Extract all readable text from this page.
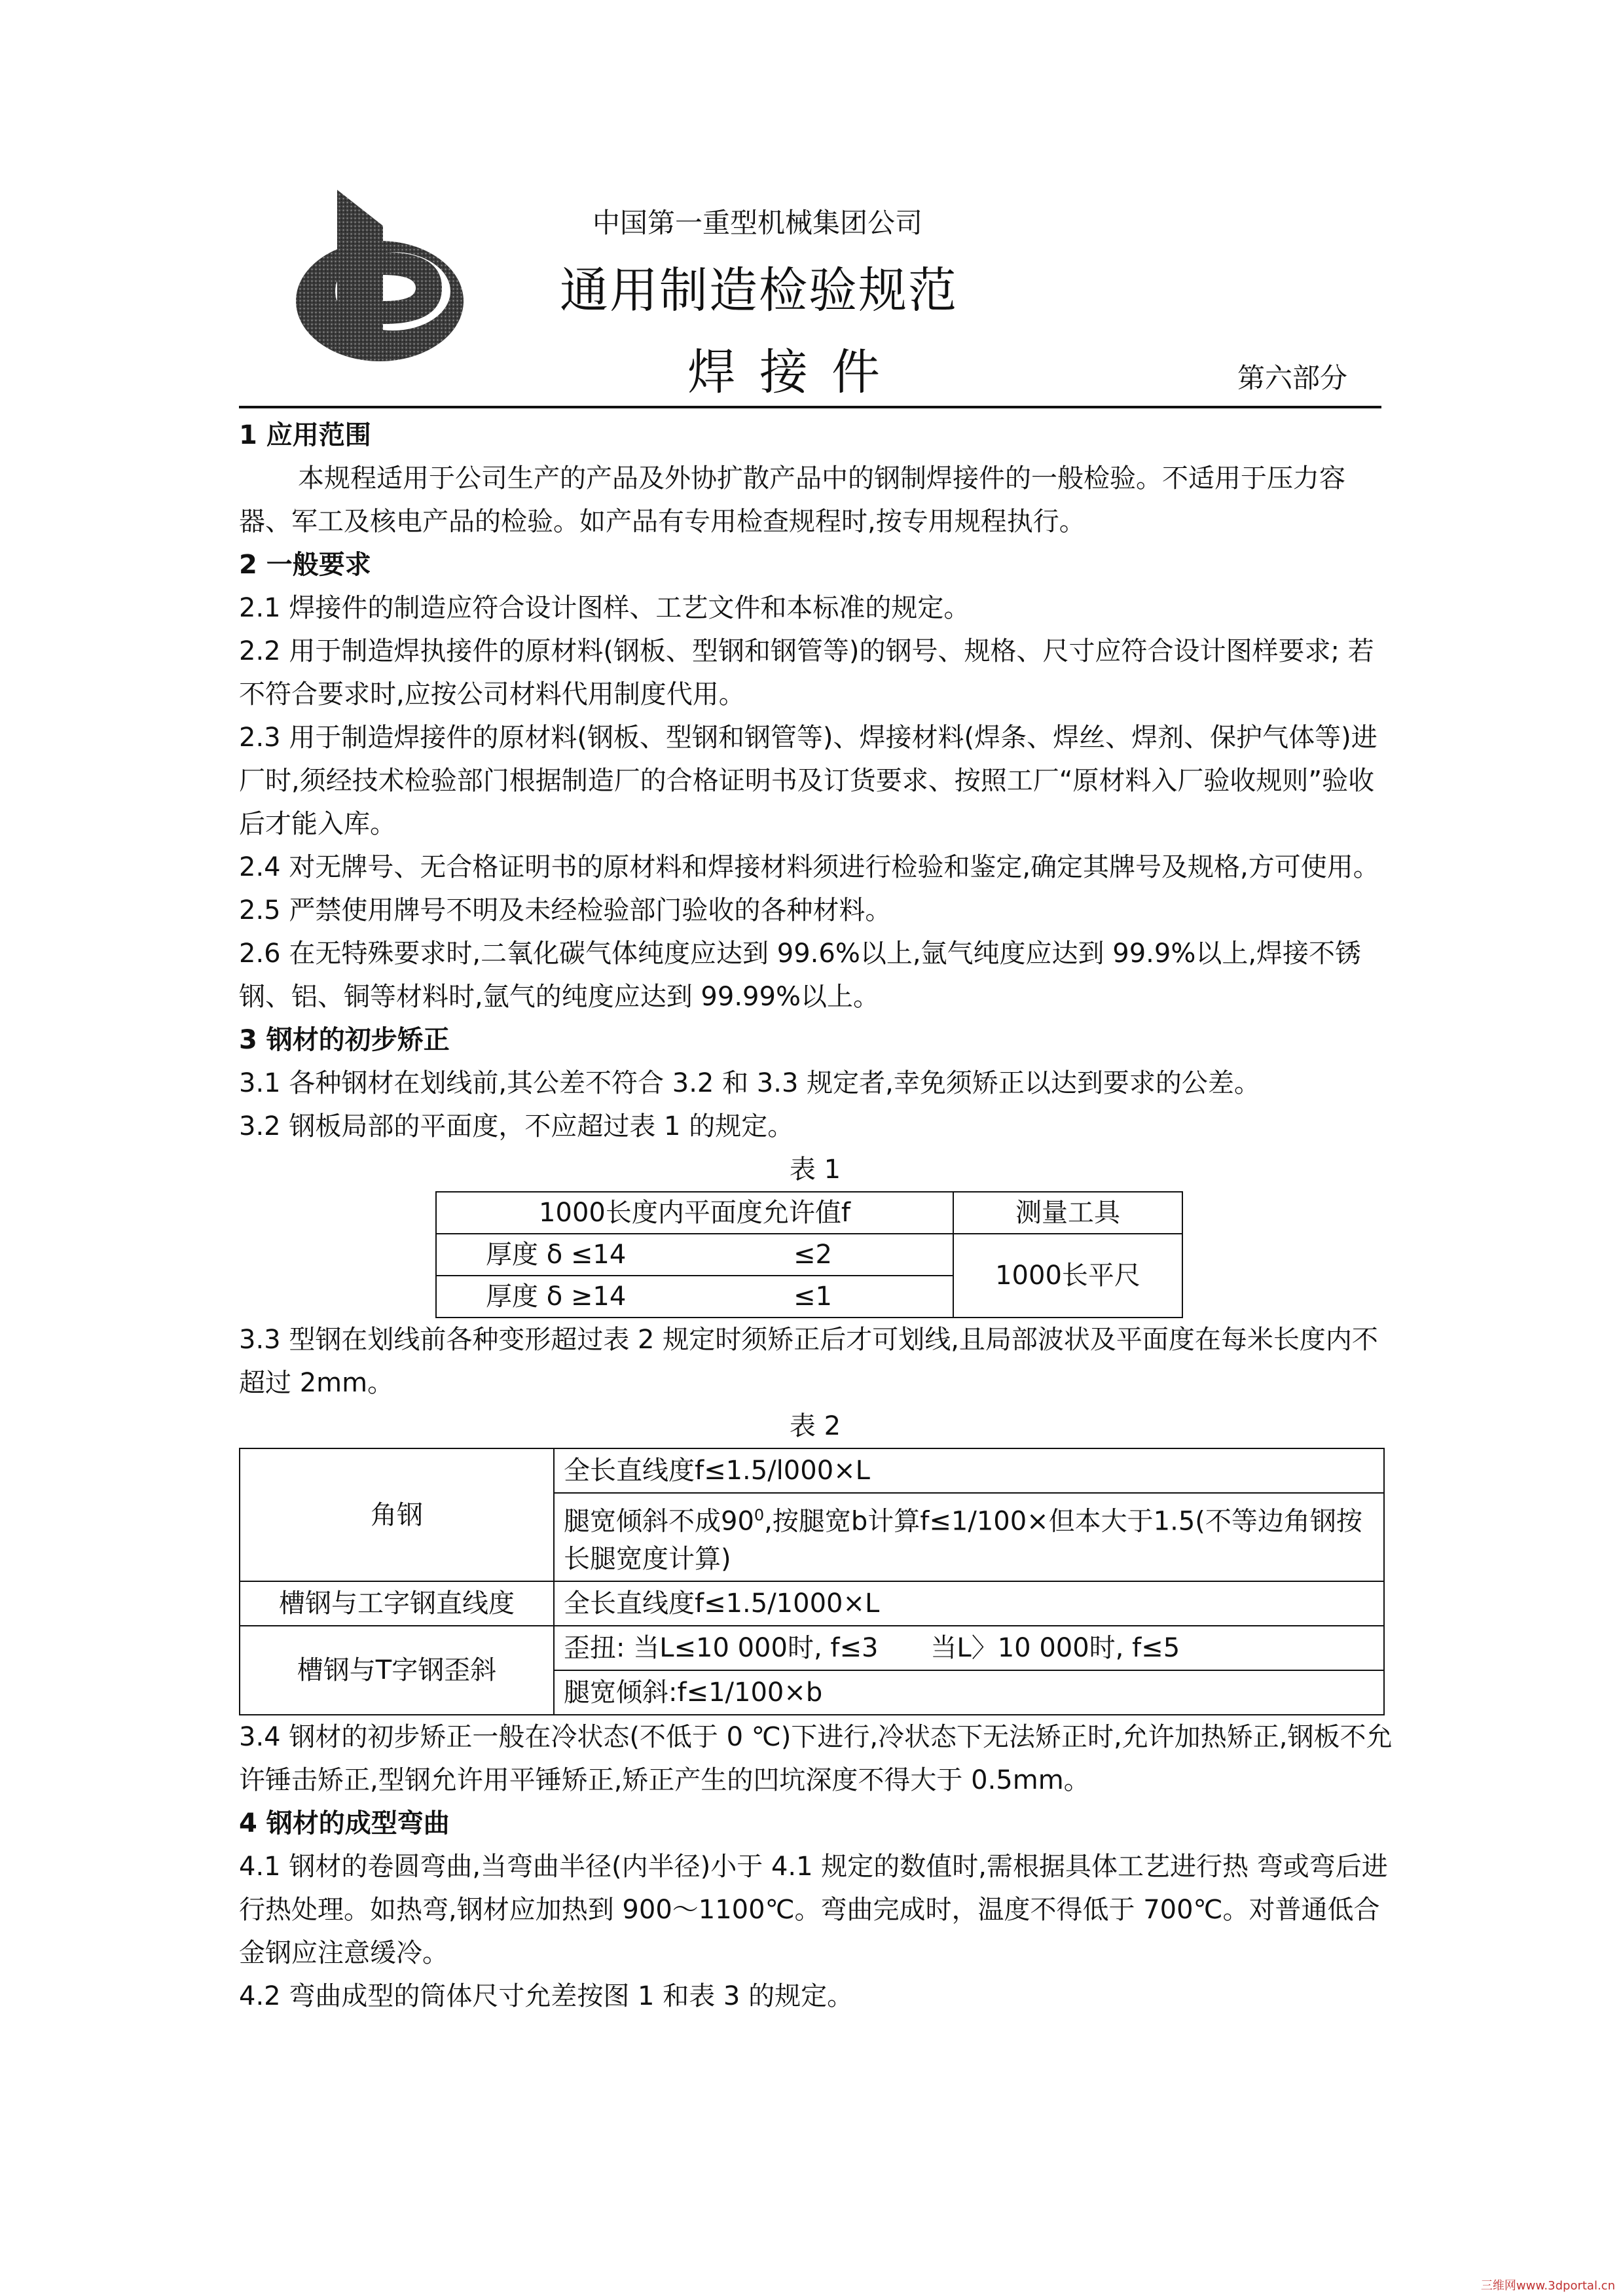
中国第一重型机械集团公司
通用制造检验规范
焊接件	第六部分

1 应用范围

本规程适用于公司生产的产品及外协扩散产品中的钢制焊接件的一般检验。不适用于压力容器、军工及核电产品的检验。如产品有专用检查规程时,按专用规程执行。

2 一般要求

2.1 焊接件的制造应符合设计图样、工艺文件和本标准的规定。

2.2 用于制造焊执接件的原材料(钢板、型钢和钢管等)的钢号、规格、尺寸应符合设计图样要求; 若不符合要求时,应按公司材料代用制度代用。

2.3 用于制造焊接件的原材料(钢板、型钢和钢管等)、焊接材料(焊条、焊丝、焊剂、保护气体等)进厂时,须经技术检验部门根据制造厂的合格证明书及订货要求、按照工厂“原材料入厂验收规则”验收后才能入库。

2.4 对无牌号、无合格证明书的原材料和焊接材料须进行检验和鉴定,确定其牌号及规格,方可使用。

2.5 严禁使用牌号不明及未经检验部门验收的各种材料。

2.6 在无特殊要求时,二氧化碳气体纯度应达到 99.6%以上,氩气纯度应达到 99.9%以上,焊接不锈钢、铝、铜等材料时,氩气的纯度应达到 99.99%以上。

3 钢材的初步矫正

3.1 各种钢材在划线前,其公差不符合 3.2 和 3.3 规定者,幸免须矫正以达到要求的公差。

3.2 钢板局部的平面度，不应超过表 1 的规定。

表 1

1000长度内平面度允许值f	测量工具
厚度 δ ≤14 ≤2	1000长平尺
厚度 δ ≥14 ≤1	

3.3 型钢在划线前各种变形超过表 2 规定时须矫正后才可划线,且局部波状及平面度在每米长度内不超过 2mm。

表 2

角钢	全长直线度f≤1.5/l000×L
	腿宽倾斜不成$90^0$,按腿宽b计算f≤1/100×但本大于1.5(不等边角钢按长腿宽度计算)
槽钢与工字钢直线度	全长直线度f≤1.5/1000×L
槽钢与T字钢歪斜	歪扭: 当L≤10 000时, f≤3　　当L〉10 000时, f≤5
	腿宽倾斜:f≤1/100×b

3.4 钢材的初步矫正一般在冷状态(不低于 0 ℃)下进行,冷状态下无法矫正时,允许加热矫正,钢板不允许锤击矫正,型钢允许用平锤矫正,矫正产生的凹坑深度不得大于 0.5mm。

4 钢材的成型弯曲

4.1 钢材的卷圆弯曲,当弯曲半径(内半径)小于 4.1 规定的数值时,需根据具体工艺进行热 弯或弯后进行热处理。如热弯,钢材应加热到 900～1100℃。弯曲完成时，温度不得低于 700℃。对普通低合金钢应注意缓冷。

4.2 弯曲成型的筒体尺寸允差按图 1 和表 3 的规定。

三维网www.3dportal.cn
